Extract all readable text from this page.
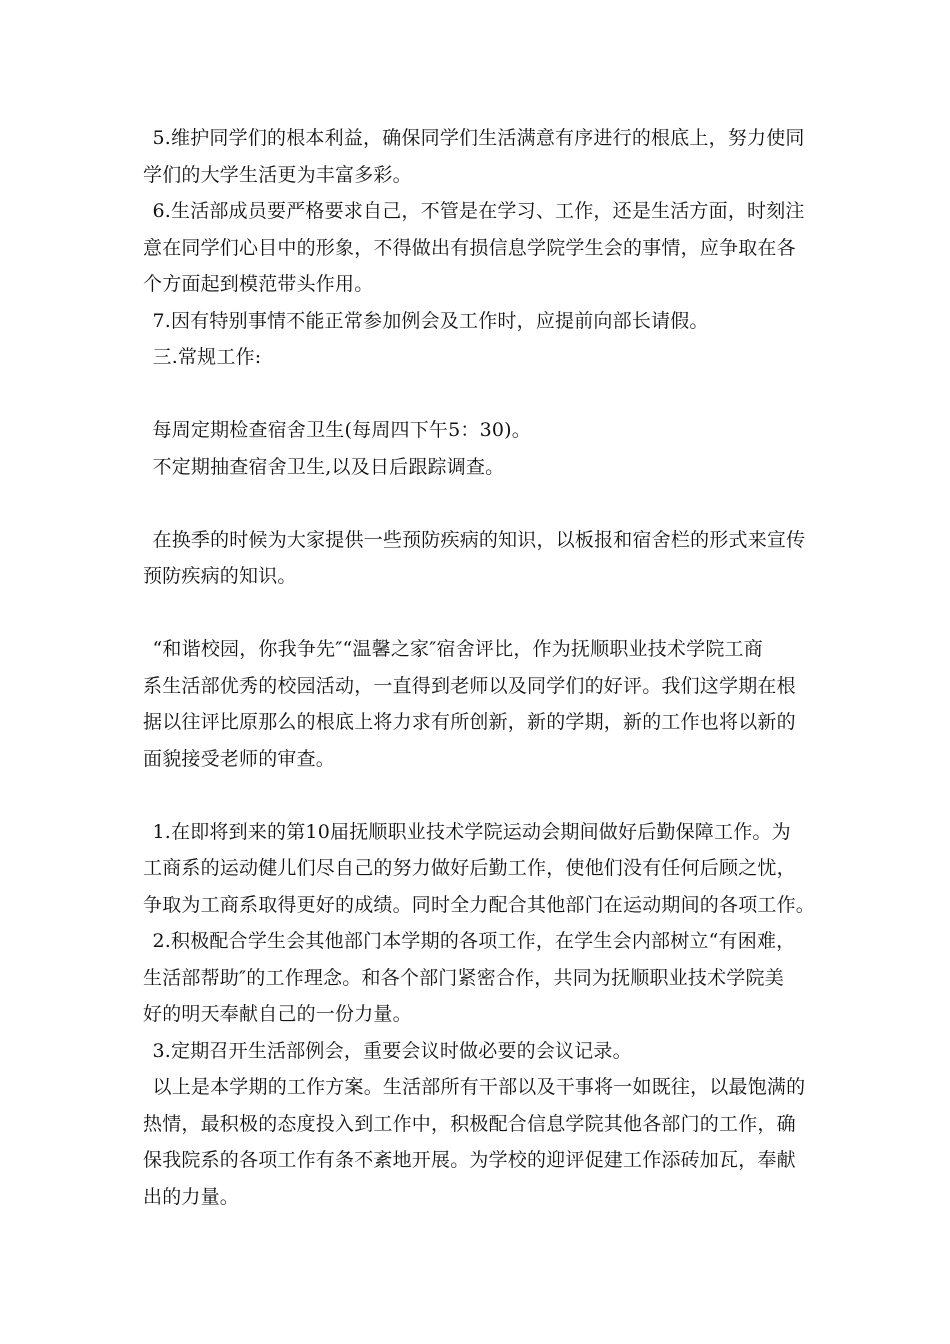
5.维护同学们的根本利益，确保同学们生活满意有序进行的根底上，努力使同
学们的大学生活更为丰富多彩。

6.生活部成员要严格要求自己，不管是在学习、工作，还是生活方面，时刻注
意在同学们心目中的形象，不得做出有损信息学院学生会的事情，应争取在各
个方面起到模范带头作用。

7.因有特别事情不能正常参加例会及工作时，应提前向部长请假。

三.常规工作:

每周定期检查宿舍卫生(每周四下午5：30)。

不定期抽查宿舍卫生,以及日后跟踪调查。

在换季的时候为大家提供一些预防疾病的知识，以板报和宿舍栏的形式来宣传
预防疾病的知识。

“和谐校园，你我争先″“温馨之家″宿舍评比，作为抚顺职业技术学院工商
系生活部优秀的校园活动，一直得到老师以及同学们的好评。我们这学期在根
据以往评比原那么的根底上将力求有所创新，新的学期，新的工作也将以新的
面貌接受老师的审查。

1.在即将到来的第10届抚顺职业技术学院运动会期间做好后勤保障工作。为
工商系的运动健儿们尽自己的努力做好后勤工作，使他们没有任何后顾之忧，
争取为工商系取得更好的成绩。同时全力配合其他部门在运动期间的各项工作。

2.积极配合学生会其他部门本学期的各项工作，在学生会内部树立“有困难，
生活部帮助″的工作理念。和各个部门紧密合作，共同为抚顺职业技术学院美
好的明天奉献自己的一份力量。

3.定期召开生活部例会，重要会议时做必要的会议记录。

以上是本学期的工作方案。生活部所有干部以及干事将一如既往，以最饱满的
热情，最积极的态度投入到工作中，积极配合信息学院其他各部门的工作，确
保我院系的各项工作有条不紊地开展。为学校的迎评促建工作添砖加瓦，奉献
出的力量。
